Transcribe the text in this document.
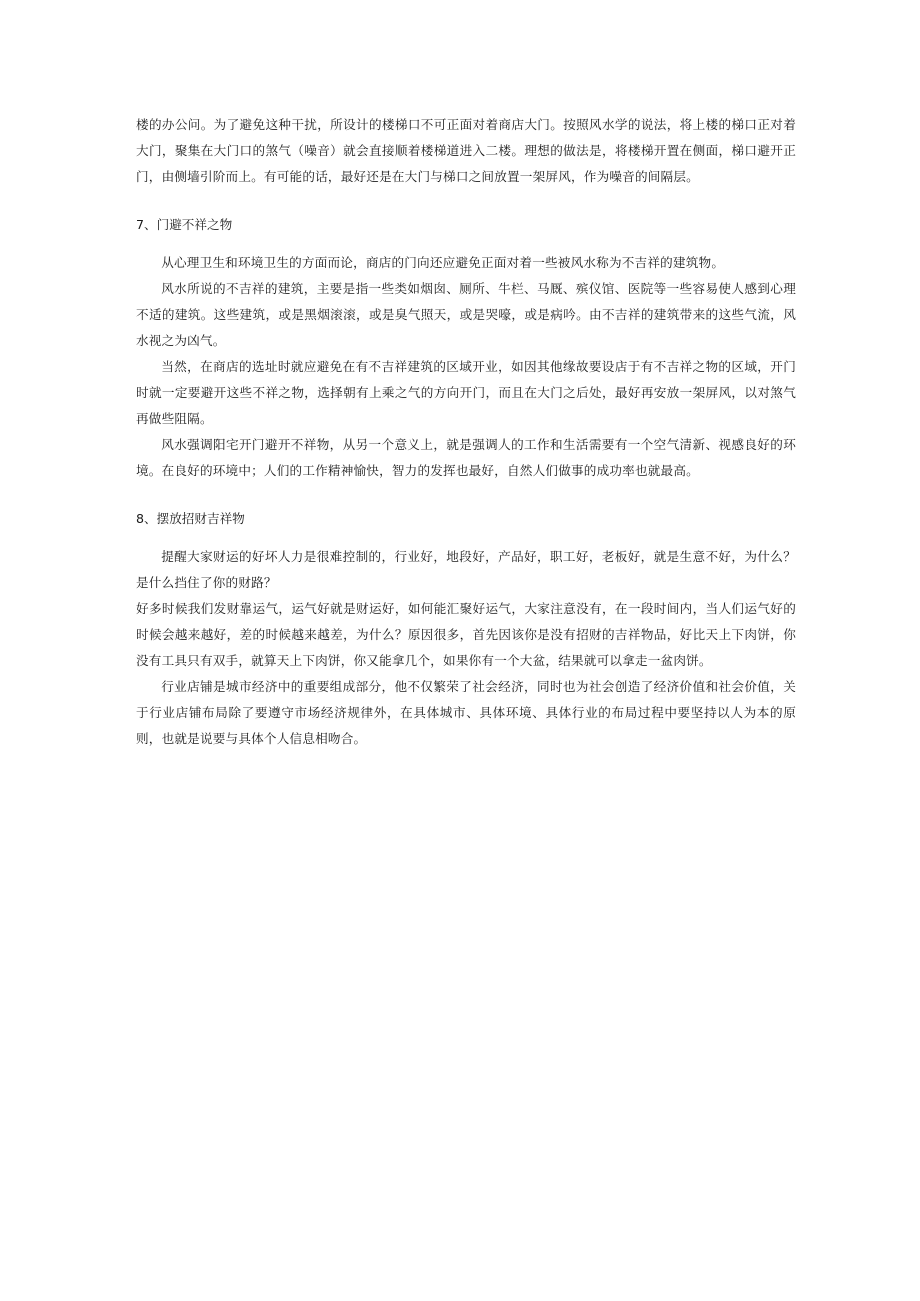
楼的办公问。为了避免这种干扰，所设计的楼梯口不可正面对着商店大门。按照风水学的说法，将上楼的梯口正对着大门，聚集在大门口的煞气（噪音）就会直接顺着楼梯道进入二楼。理想的做法是，将楼梯开置在侧面，梯口避开正门，由侧墙引阶而上。有可能的话，最好还是在大门与梯口之间放置一架屏风，作为噪音的间隔层。

7、门避不祥之物

从心理卫生和环境卫生的方面而论，商店的门向还应避免正面对着一些被风水称为不吉祥的建筑物。

风水所说的不吉祥的建筑，主要是指一些类如烟囱、厕所、牛栏、马厩、殡仪馆、医院等一些容易使人感到心理不适的建筑。这些建筑，或是黑烟滚滚，或是臭气照天，或是哭嚎，或是病吟。由不吉祥的建筑带来的这些气流，风水视之为凶气。

当然，在商店的选址时就应避免在有不吉祥建筑的区域开业，如因其他缘故要设店于有不吉祥之物的区域，开门时就一定要避开这些不祥之物，选择朝有上乘之气的方向开门，而且在大门之后处，最好再安放一架屏风，以对煞气再做些阻隔。

风水强调阳宅开门避开不祥物，从另一个意义上，就是强调人的工作和生活需要有一个空气清新、视感良好的环境。在良好的环境中；人们的工作精神愉快，智力的发挥也最好，自然人们做事的成功率也就最高。

8、摆放招财吉祥物

提醒大家财运的好坏人力是很难控制的，行业好，地段好，产品好，职工好，老板好，就是生意不好，为什么？是什么挡住了你的财路？

好多时候我们发财靠运气，运气好就是财运好，如何能汇聚好运气，大家注意没有，在一段时间内，当人们运气好的时候会越来越好，差的时候越来越差，为什么？原因很多，首先因该你是没有招财的吉祥物品，好比天上下肉饼，你没有工具只有双手，就算天上下肉饼，你又能拿几个，如果你有一个大盆，结果就可以拿走一盆肉饼。

行业店铺是城市经济中的重要组成部分，他不仅繁荣了社会经济，同时也为社会创造了经济价值和社会价值，关于行业店铺布局除了要遵守市场经济规律外，在具体城市、具体环境、具体行业的布局过程中要坚持以人为本的原则，也就是说要与具体个人信息相吻合。
